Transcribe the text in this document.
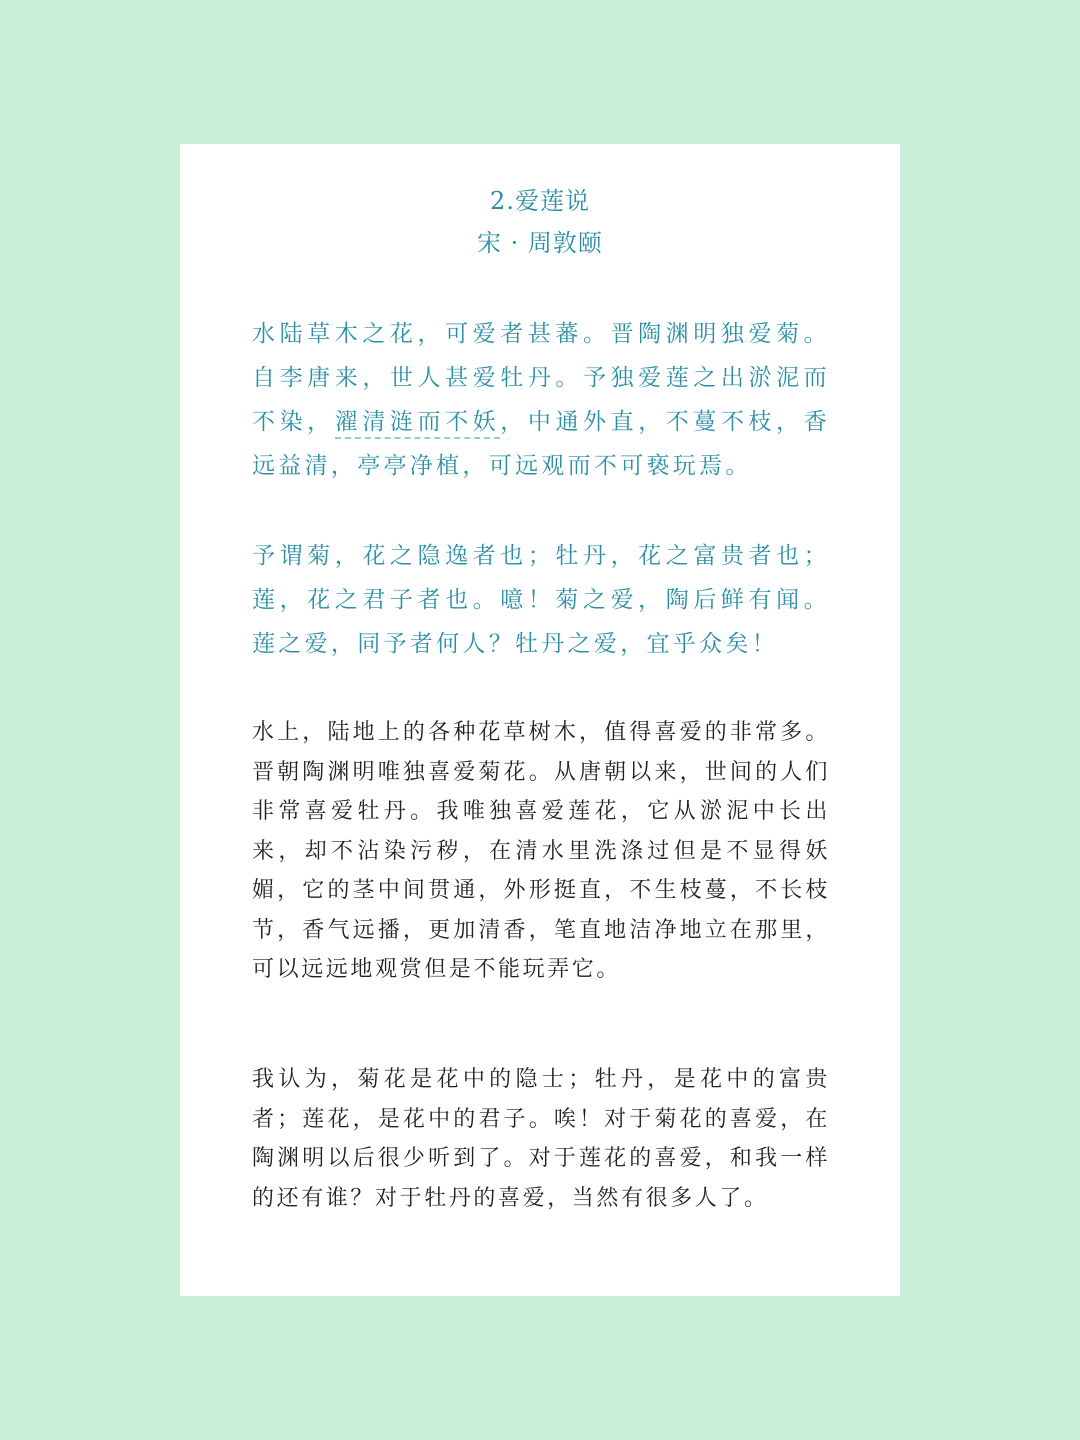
2.爱莲说
宋 · 周敦颐

水陆草木之花，可爱者甚蕃。晋陶渊明独爱菊。自李唐来，世人甚爱牡丹。予独爱莲之出淤泥而不染，濯清涟而不妖，中通外直，不蔓不枝，香远益清，亭亭净植，可远观而不可亵玩焉。

予谓菊，花之隐逸者也；牡丹，花之富贵者也；莲，花之君子者也。噫！菊之爱，陶后鲜有闻。莲之爱，同予者何人？牡丹之爱，宜乎众矣！

水上，陆地上的各种花草树木，值得喜爱的非常多。晋朝陶渊明唯独喜爱菊花。从唐朝以来，世间的人们非常喜爱牡丹。我唯独喜爱莲花，它从淤泥中长出来，却不沾染污秽，在清水里洗涤过但是不显得妖媚，它的茎中间贯通，外形挺直，不生枝蔓，不长枝节，香气远播，更加清香，笔直地洁净地立在那里，可以远远地观赏但是不能玩弄它。

我认为，菊花是花中的隐士；牡丹，是花中的富贵者；莲花，是花中的君子。唉！对于菊花的喜爱，在陶渊明以后很少听到了。对于莲花的喜爱，和我一样的还有谁？对于牡丹的喜爱，当然有很多人了。
